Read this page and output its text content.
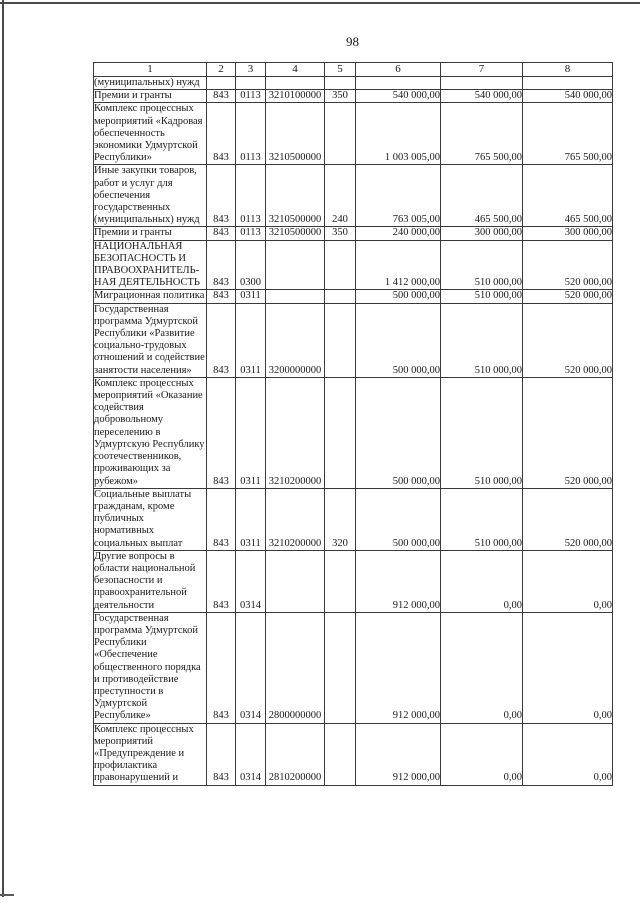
98
1	2	3	4	5	6	7	8
(муниципальных) нужд							
Премии и гранты	843	0113	3210100000	350	540 000,00	540 000,00	540 000,00
Комплекс процессных мероприятий «Кадровая обеспеченность экономики Удмуртской Республики»	843	0113	3210500000		1 003 005,00	765 500,00	765 500,00
Иные закупки товаров, работ и услуг для обеспечения государственных (муниципальных) нужд	843	0113	3210500000	240	763 005,00	465 500,00	465 500,00
Премии и гранты	843	0113	3210500000	350	240 000,00	300 000,00	300 000,00
НАЦИОНАЛЬНАЯ БЕЗОПАСНОСТЬ И ПРАВООХРАНИТЕЛЬ-НАЯ ДЕЯТЕЛЬНОСТЬ	843	0300			1 412 000,00	510 000,00	520 000,00
Миграционная политика	843	0311			500 000,00	510 000,00	520 000,00
Государственная программа Удмуртской Республики «Развитие социально-трудовых отношений и содействие занятости населения»	843	0311	3200000000		500 000,00	510 000,00	520 000,00
Комплекс процессных мероприятий «Оказание содействия добровольному переселению в Удмуртскую Республику соотечественников, проживающих за рубежом»	843	0311	3210200000		500 000,00	510 000,00	520 000,00
Социальные выплаты гражданам, кроме публичных нормативных социальных выплат	843	0311	3210200000	320	500 000,00	510 000,00	520 000,00
Другие вопросы в области национальной безопасности и правоохранительной деятельности	843	0314			912 000,00	0,00	0,00
Государственная программа Удмуртской Республики «Обеспечение общественного порядка и противодействие преступности в Удмуртской Республике»	843	0314	2800000000		912 000,00	0,00	0,00
Комплекс процессных мероприятий «Предупреждение и профилактика правонарушений и	843	0314	2810200000		912 000,00	0,00	0,00
